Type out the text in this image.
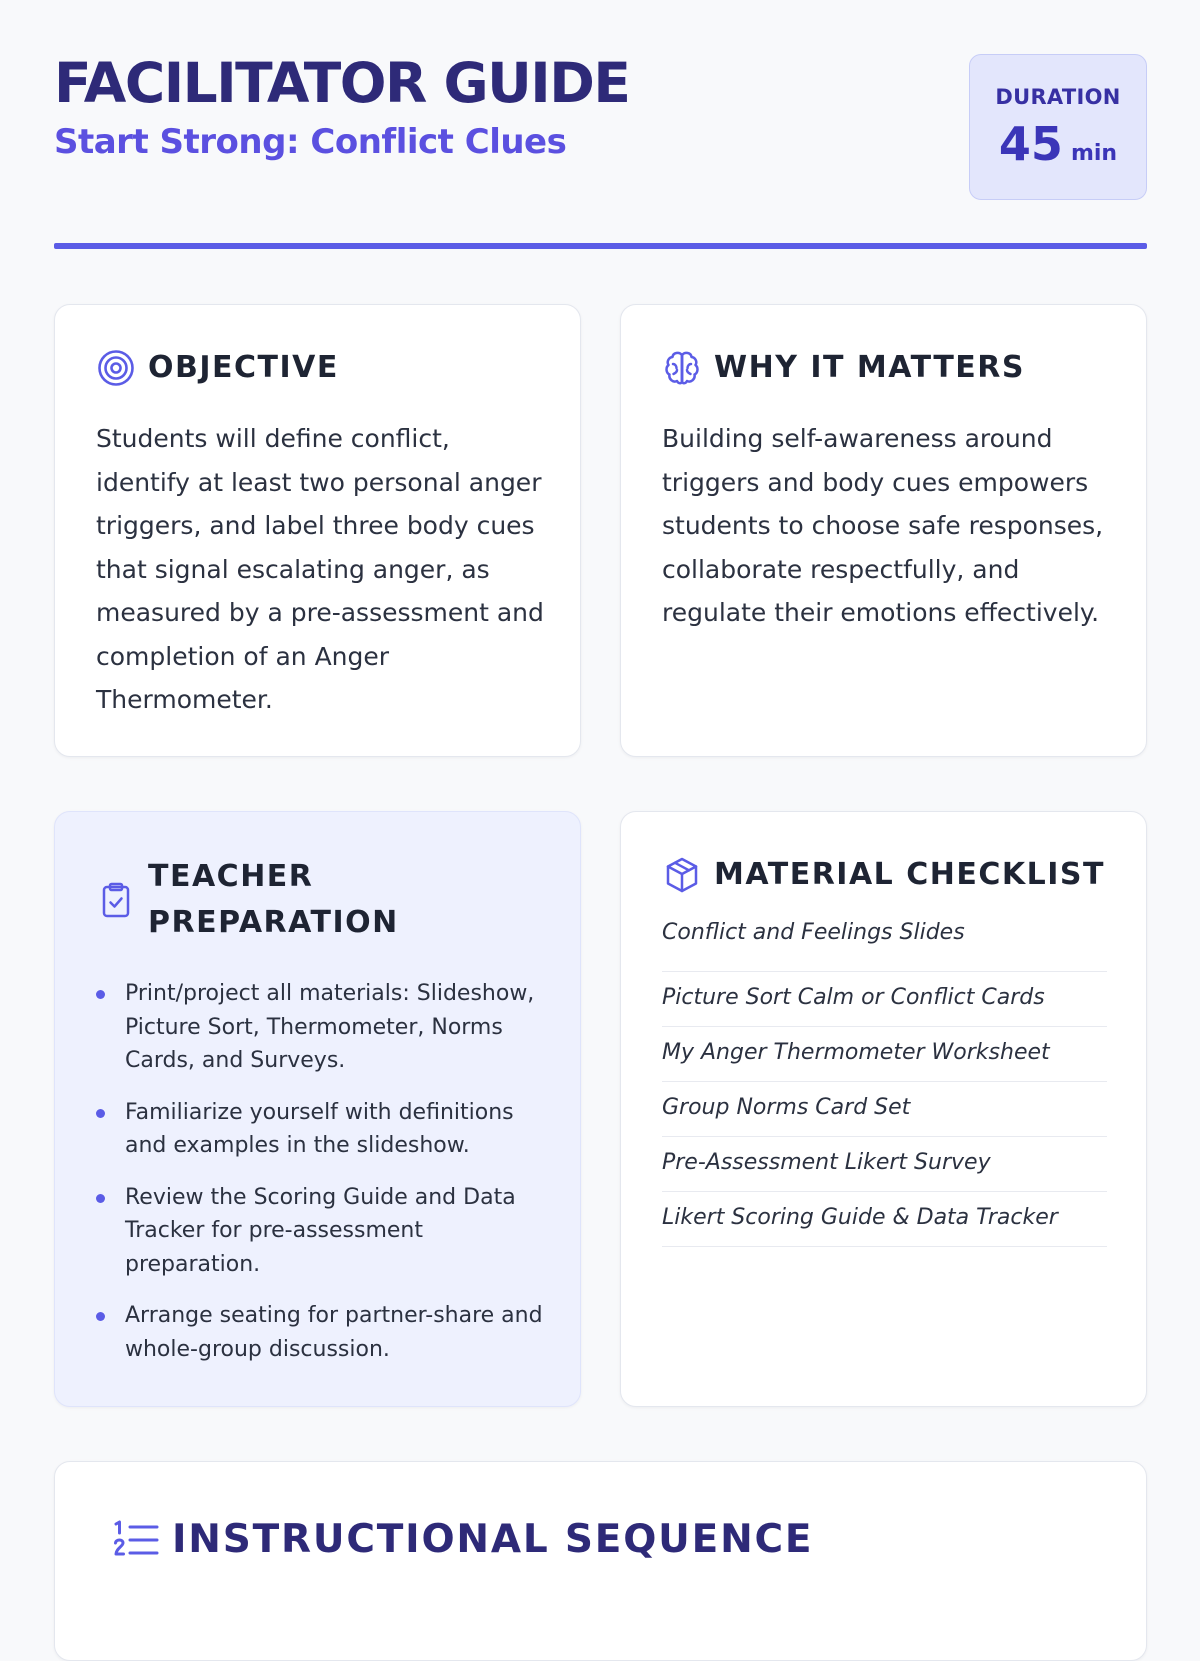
FACILITATOR GUIDE
Start Strong: Conflict Clues
DURATION
45 min
OBJECTIVE

Students will define conflict, identify at least two personal anger triggers, and label three body cues that signal escalating anger, as measured by a pre-assessment and completion of an Anger Thermometer.

WHY IT MATTERS

Building self-awareness around triggers and body cues empowers students to choose safe responses, collaborate respectfully, and regulate their emotions effectively.

TEACHER
PREPARATION
Print/project all materials: Slideshow, Picture Sort, Thermometer, Norms Cards, and Surveys.
Familiarize yourself with definitions and examples in the slideshow.
Review the Scoring Guide and Data Tracker for pre-assessment preparation.
Arrange seating for partner-share and whole-group discussion.
MATERIAL CHECKLIST
Conflict and Feelings Slides
Picture Sort Calm or Conflict Cards
My Anger Thermometer Worksheet
Group Norms Card Set
Pre-Assessment Likert Survey
Likert Scoring Guide & Data Tracker
INSTRUCTIONAL SEQUENCE
